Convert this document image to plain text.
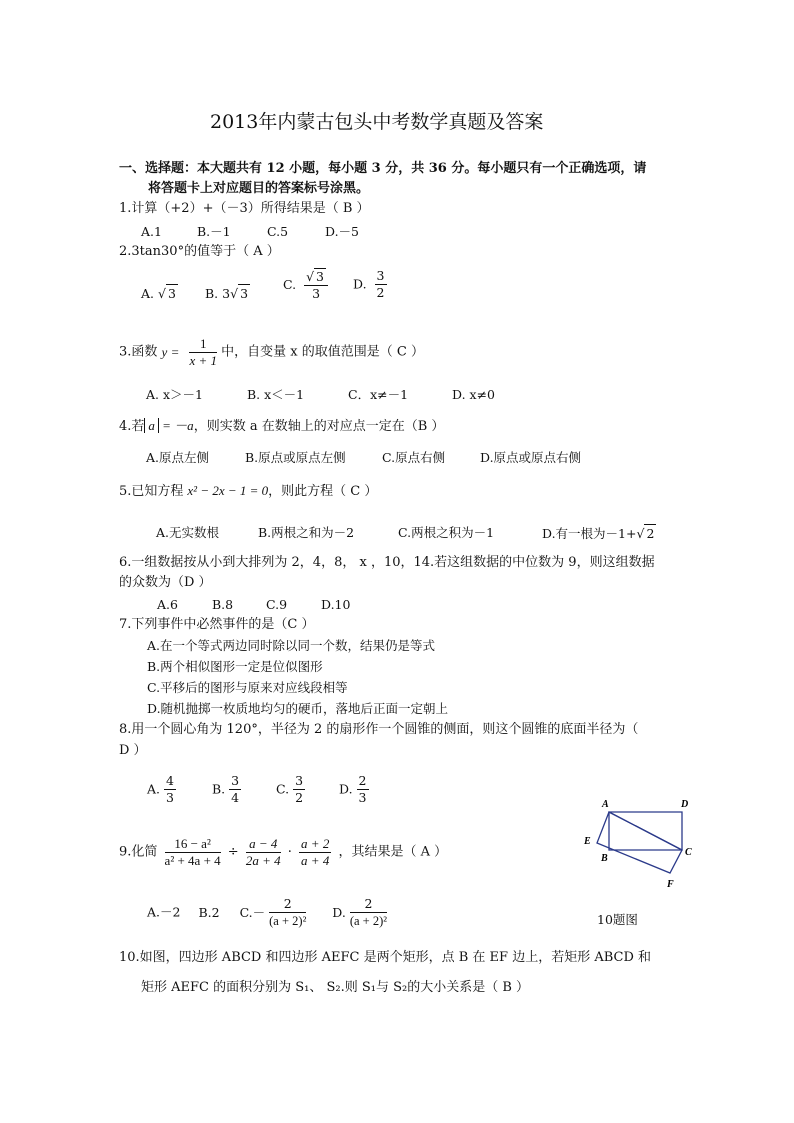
2013年内蒙古包头中考数学真题及答案
一、选择题：本大题共有 12 小题，每小题 3 分，共 36 分。每小题只有一个正确选项，请
将答题卡上对应题目的答案标号涂黑。
1.计算（+2）+（－3）所得结果是（ B ）
A.1	B.－1	C.5	D.－5
2.3tan30°的值等于（ A ）
A. √ 3 B. 3√ 3
C. $\frac{√ 3}{3} D$. $\frac{3}{2}$
3.函数 $y = \frac{1}{x + 1}$ 中，自变量 x 的取值范围是（ C ）
A. x＞－1	B. x＜－1	C．x≠－1	D. x≠0
4.若 a = －a，则实数 a 在数轴上的对应点一定在（B ）
A.原点左侧	B.原点或原点左侧	C.原点右侧	D.原点或原点右侧
5.已知方程 x² − 2x − 1 = 0，则此方程（ C ）
A.无实数根	B.两根之和为－2	C.两根之积为－1	D.有一根为－1+√ 2
6.一组数据按从小到大排列为 2，4，8， x ，10，14.若这组数据的中位数为 9，则这组数据
的众数为（D ）
A.6	B.8	C.9	D.10
7.下列事件中必然事件的是（C ）
A.在一个等式两边同时除以同一个数，结果仍是等式
B.两个相似图形一定是位似图形
C.平移后的图形与原来对应线段相等
D.随机抛掷一枚质地均匀的硬币，落地后正面一定朝上
8.用一个圆心角为 120°，半径为 2 的扇形作一个圆锥的侧面，则这个圆锥的底面半径为（
D ）
A. $\frac{4}{3}$	B. $\frac{3}{4}$	C. $\frac{3}{2}$	D. $\frac{2}{3}$
9.化简 $\frac{\text{16 − a²}}{\text{a² + 4a + 4}} \div \frac{a - 4}{2a + 4} \cdot \frac{a + 2}{a + 4}$ ，其结果是（ A ）
A.－2 B.2 $C.- \frac{2}{\text{(a + 2)²}} D$. $\frac{2}{\text{(a + 2)²}}$
A	D
E
B
C
F
10题图
10.如图，四边形 ABCD 和四边形 AEFC 是两个矩形，点 B 在 EF 边上，若矩形 ABCD 和
矩形 AEFC 的面积分别为 S₁、 S₂.则 S₁与 S₂的大小关系是（ B ）
